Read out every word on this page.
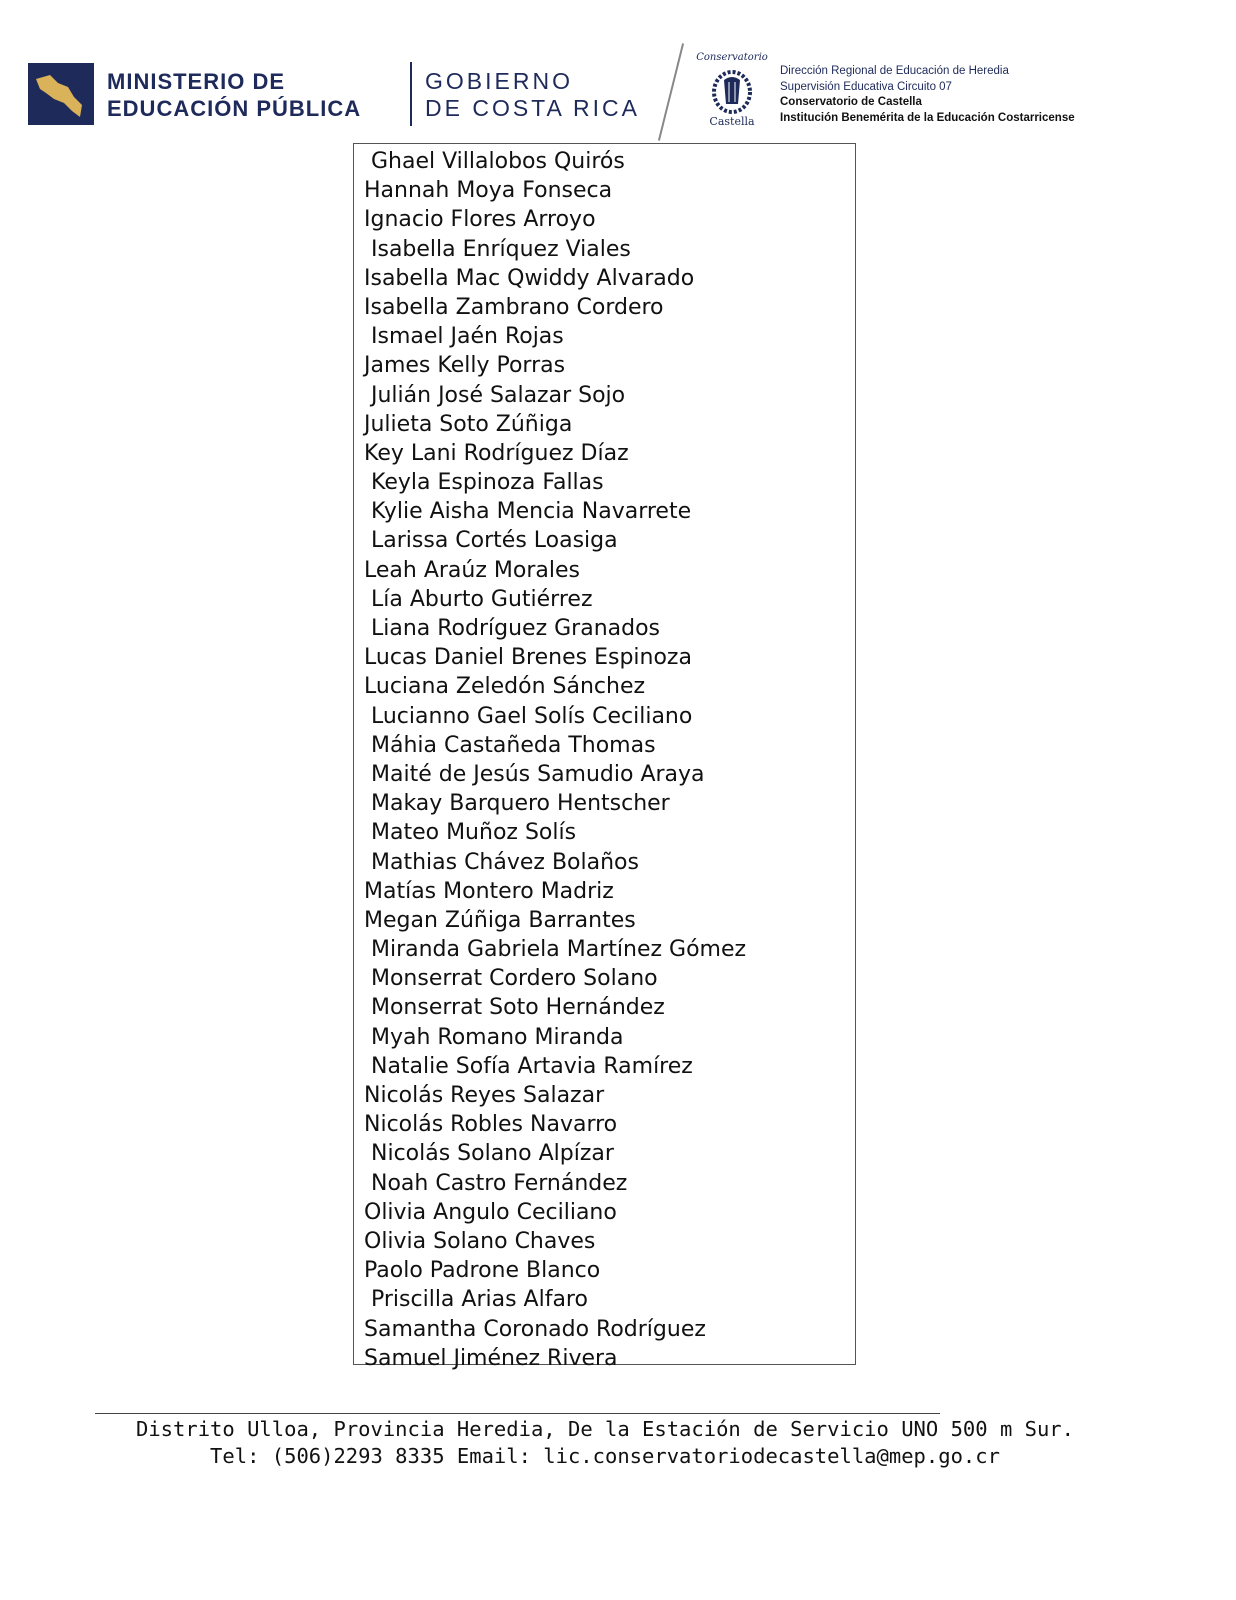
MINISTERIO DE
EDUCACIÓN PÚBLICA
GOBIERNO
DE COSTA RICA
Conservatorio
Castella
Dirección Regional de Educación de Heredia
Supervisión Educativa Circuito 07
Conservatorio de Castella
Institución Benemérita de la Educación Costarricense
Ghael Villalobos Quirós
Hannah Moya Fonseca
Ignacio Flores Arroyo
Isabella Enríquez Viales
Isabella Mac Qwiddy Alvarado
Isabella Zambrano Cordero
Ismael Jaén Rojas
James Kelly Porras
Julián José Salazar Sojo
Julieta Soto Zúñiga
Key Lani Rodríguez Díaz
Keyla Espinoza Fallas
Kylie Aisha Mencia Navarrete
Larissa Cortés Loasiga
Leah Araúz Morales
Lía Aburto Gutiérrez
Liana Rodríguez Granados
Lucas Daniel Brenes Espinoza
Luciana Zeledón Sánchez
Lucianno Gael Solís Ceciliano
Máhia Castañeda Thomas
Maité de Jesús Samudio Araya
Makay Barquero Hentscher
Mateo Muñoz Solís
Mathias Chávez Bolaños
Matías Montero Madriz
Megan Zúñiga Barrantes
Miranda Gabriela Martínez Gómez
Monserrat Cordero Solano
Monserrat Soto Hernández
Myah Romano Miranda
Natalie Sofía Artavia Ramírez
Nicolás Reyes Salazar
Nicolás Robles Navarro
Nicolás Solano Alpízar
Noah Castro Fernández
Olivia Angulo Ceciliano
Olivia Solano Chaves
Paolo Padrone Blanco
Priscilla Arias Alfaro
Samantha Coronado Rodríguez
Samuel Jiménez Rivera
Distrito Ulloa, Provincia Heredia, De la Estación de Servicio UNO 500 m Sur.
Tel: (506)2293 8335 Email: lic.conservatoriodecastella@mep.go.cr
